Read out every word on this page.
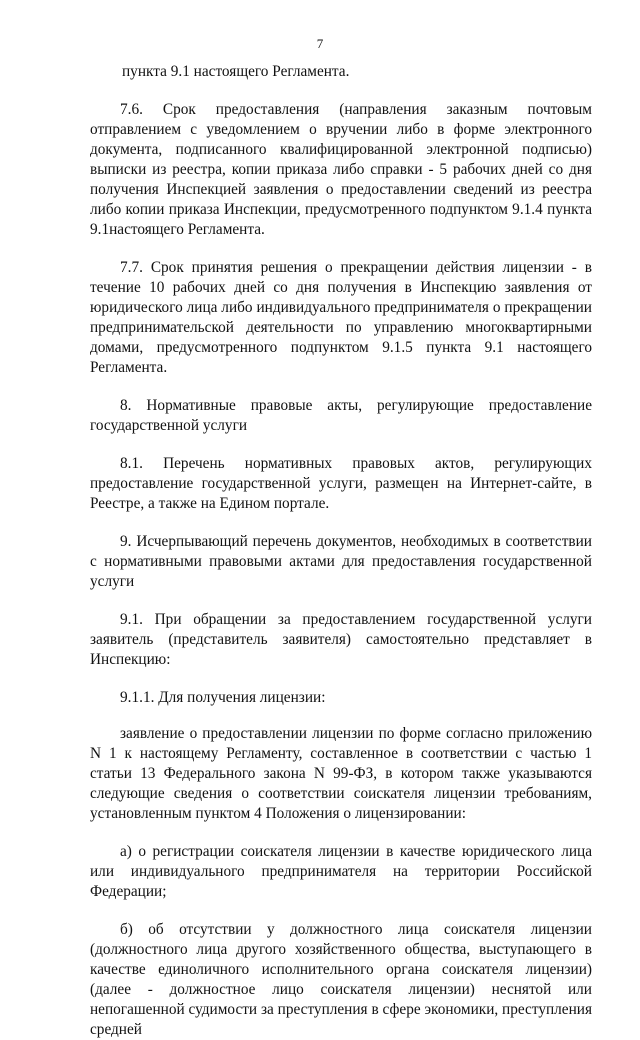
7

пункта 9.1 настоящего Регламента.

7.6. Срок предоставления (направления заказным почтовым отправлением с уведомлением о вручении либо в форме электронного документа, подписанного квалифицированной электронной подписью) выписки из реестра, копии приказа либо справки - 5 рабочих дней со дня получения Инспекцией заявления о предоставлении сведений из реестра либо копии приказа Инспекции, предусмотренного подпунктом 9.1.4 пункта 9.1настоящего Регламента.

7.7. Срок принятия решения о прекращении действия лицензии - в течение 10 рабочих дней со дня получения в Инспекцию заявления от юридического лица либо индивидуального предпринимателя о прекращении предпринимательской деятельности по управлению многоквартирными домами, предусмотренного подпунктом 9.1.5 пункта 9.1 настоящего Регламента.

8. Нормативные правовые акты, регулирующие предоставление государственной услуги

8.1. Перечень нормативных правовых актов, регулирующих предоставление государственной услуги, размещен на Интернет-сайте, в Реестре, а также на Едином портале.

9. Исчерпывающий перечень документов, необходимых в соответствии с нормативными правовыми актами для предоставления государственной услуги

9.1. При обращении за предоставлением государственной услуги заявитель (представитель заявителя) самостоятельно представляет в Инспекцию:

9.1.1. Для получения лицензии:

заявление о предоставлении лицензии по форме согласно приложению N 1 к настоящему Регламенту, составленное в соответствии с частью 1 статьи 13 Федерального закона N 99-ФЗ, в котором также указываются следующие сведения о соответствии соискателя лицензии требованиям, установленным пунктом 4 Положения о лицензировании:

а) о регистрации соискателя лицензии в качестве юридического лица или индивидуального предпринимателя на территории Российской Федерации;

б) об отсутствии у должностного лица соискателя лицензии (должностного лица другого хозяйственного общества, выступающего в качестве единоличного исполнительного органа соискателя лицензии) (далее - должностное лицо соискателя лицензии) неснятой или непогашенной судимости за преступления в сфере экономики, преступления средней
